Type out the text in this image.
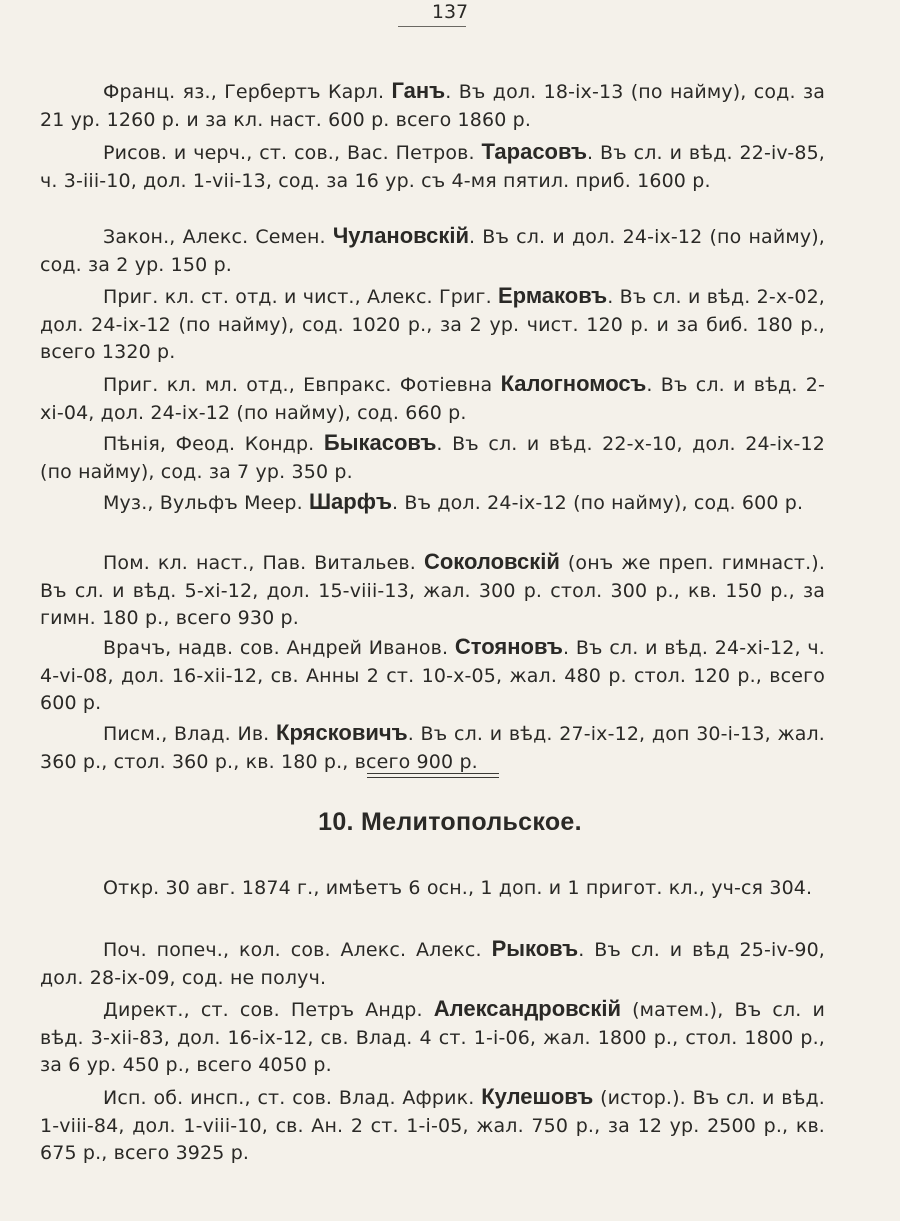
137

Франц. яз., Гербертъ Карл. Ганъ. Въ дол. 18-ix-13 (по найму), сод. за 21 ур. 1260 р. и за кл. наст. 600 р. всего 1860 р.

Рисов. и черч., ст. сов., Вас. Петров. Тарасовъ. Въ сл. и вѣд. 22-iv-85, ч. 3-iii-10, дол. 1-vii-13, сод. за 16 ур. съ 4-мя пятил. приб. 1600 р.

Закон., Алекс. Семен. Чулановскій. Въ сл. и дол. 24-ix-12 (по найму), сод. за 2 ур. 150 р.

Приг. кл. ст. отд. и чист., Алекс. Григ. Ермаковъ. Въ сл. и вѣд. 2-x-02, дол. 24-ix-12 (по найму), сод. 1020 р., за 2 ур. чист. 120 р. и за биб. 180 р., всего 1320 р.

Приг. кл. мл. отд., Евпракс. Фотіевна Калогномосъ. Въ сл. и вѣд. 2-xi-04, дол. 24-ix-12 (по найму), сод. 660 р.

Пѣнія, Феод. Кондр. Быкасовъ. Въ сл. и вѣд. 22-x-10, дол. 24-ix-12 (по найму), сод. за 7 ур. 350 р.

Муз., Вульфъ Меер. Шарфъ. Въ дол. 24-ix-12 (по найму), сод. 600 р.

Пом. кл. наст., Пав. Витальев. Соколовскій (онъ же преп. гимнаст.). Въ сл. и вѣд. 5-xi-12, дол. 15-viii-13, жал. 300 р. стол. 300 р., кв. 150 р., за гимн. 180 р., всего 930 р.

Врачъ, надв. сов. Андрей Иванов. Стояновъ. Въ сл. и вѣд. 24-xi-12, ч. 4-vi-08, дол. 16-xii-12, св. Анны 2 ст. 10-x-05, жал. 480 р. стол. 120 р., всего 600 р.

Писм., Влад. Ив. Крясковичъ. Въ сл. и вѣд. 27-ix-12, доп 30-i-13, жал. 360 р., стол. 360 р., кв. 180 р., всего 900 р.

10. Мелитопольское.

Откр. 30 авг. 1874 г., имѣетъ 6 осн., 1 доп. и 1 пригот. кл., уч-ся 304.

Поч. попеч., кол. сов. Алекс. Алекс. Рыковъ. Въ сл. и вѣд 25-iv-90, дол. 28-ix-09, сод. не получ.

Директ., ст. сов. Петръ Андр. Александровскій (матем.), Въ сл. и вѣд. 3-xii-83, дол. 16-ix-12, св. Влад. 4 ст. 1-i-06, жал. 1800 р., стол. 1800 р., за 6 ур. 450 р., всего 4050 р.

Исп. об. инсп., ст. сов. Влад. Африк. Кулешовъ (истор.). Въ сл. и вѣд. 1-viii-84, дол. 1-viii-10, св. Ан. 2 ст. 1-i-05, жал. 750 р., за 12 ур. 2500 р., кв. 675 р., всего 3925 р.
